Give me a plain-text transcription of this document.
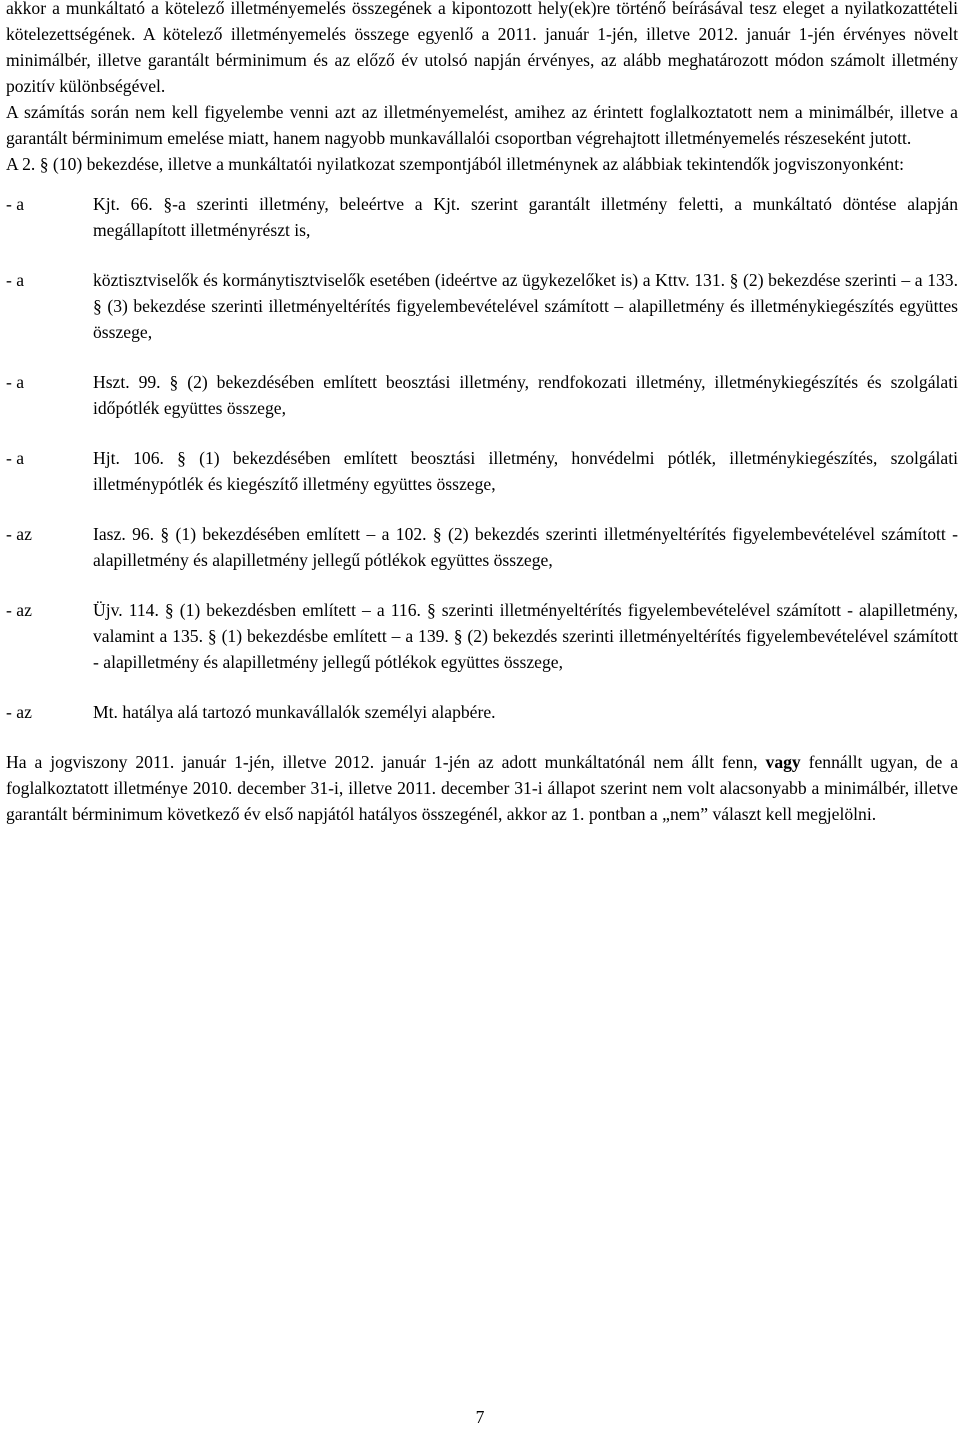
akkor a munkáltató a kötelező illetményemelés összegének a kipontozott hely(ek)re történő beírásával tesz eleget a nyilatkozattételi kötelezettségének. A kötelező illetményemelés összege egyenlő a 2011. január 1-jén, illetve 2012. január 1-jén érvényes növelt minimálbér, illetve garantált bérminimum és az előző év utolsó napján érvényes, az alább meghatározott módon számolt illetmény pozitív különbségével.

A számítás során nem kell figyelembe venni azt az illetményemelést, amihez az érintett foglalkoztatott nem a minimálbér, illetve a garantált bérminimum emelése miatt, hanem nagyobb munkavállalói csoportban végrehajtott illetményemelés részeseként jutott.

A 2. § (10) bekezdése, illetve a munkáltatói nyilatkozat szempontjából illetménynek az alábbiak tekintendők jogviszonyonként:

- a	Kjt. 66. §-a szerinti illetmény, beleértve a Kjt. szerint garantált illetmény feletti, a munkáltató döntése alapján megállapított illetményrészt is,
- a	köztisztviselők és kormánytisztviselők esetében (ideértve az ügykezelőket is) a Kttv. 131. § (2) bekezdése szerinti – a 133. § (3) bekezdése szerinti illetményeltérítés figyelembevételével számított – alapilletmény és illetménykiegészítés együttes összege,
- a	Hszt. 99. § (2) bekezdésében említett beosztási illetmény, rendfokozati illetmény, illetménykiegészítés és szolgálati időpótlék együttes összege,
- a	Hjt. 106. § (1) bekezdésében említett beosztási illetmény, honvédelmi pótlék, illetménykiegészítés, szolgálati illetménypótlék és kiegészítő illetmény együttes összege,
- az	Iasz. 96. § (1) bekezdésében említett – a 102. § (2) bekezdés szerinti illetményeltérítés figyelembevételével számított - alapilletmény és alapilletmény jellegű pótlékok együttes összege,
- az	Üjv. 114. § (1) bekezdésben említett – a 116. § szerinti illetményeltérítés figyelembevételével számított - alapilletmény, valamint a 135. § (1) bekezdésbe említett – a 139. § (2) bekezdés szerinti illetményeltérítés figyelembevételével számított - alapilletmény és alapilletmény jellegű pótlékok együttes összege,
- az	Mt. hatálya alá tartozó munkavállalók személyi alapbére.

Ha a jogviszony 2011. január 1-jén, illetve 2012. január 1-jén az adott munkáltatónál nem állt fenn, vagy fennállt ugyan, de a foglalkoztatott illetménye 2010. december 31-i, illetve 2011. december 31-i állapot szerint nem volt alacsonyabb a minimálbér, illetve garantált bérminimum következő év első napjától hatályos összegénél, akkor az 1. pontban a „nem” választ kell megjelölni.

7
